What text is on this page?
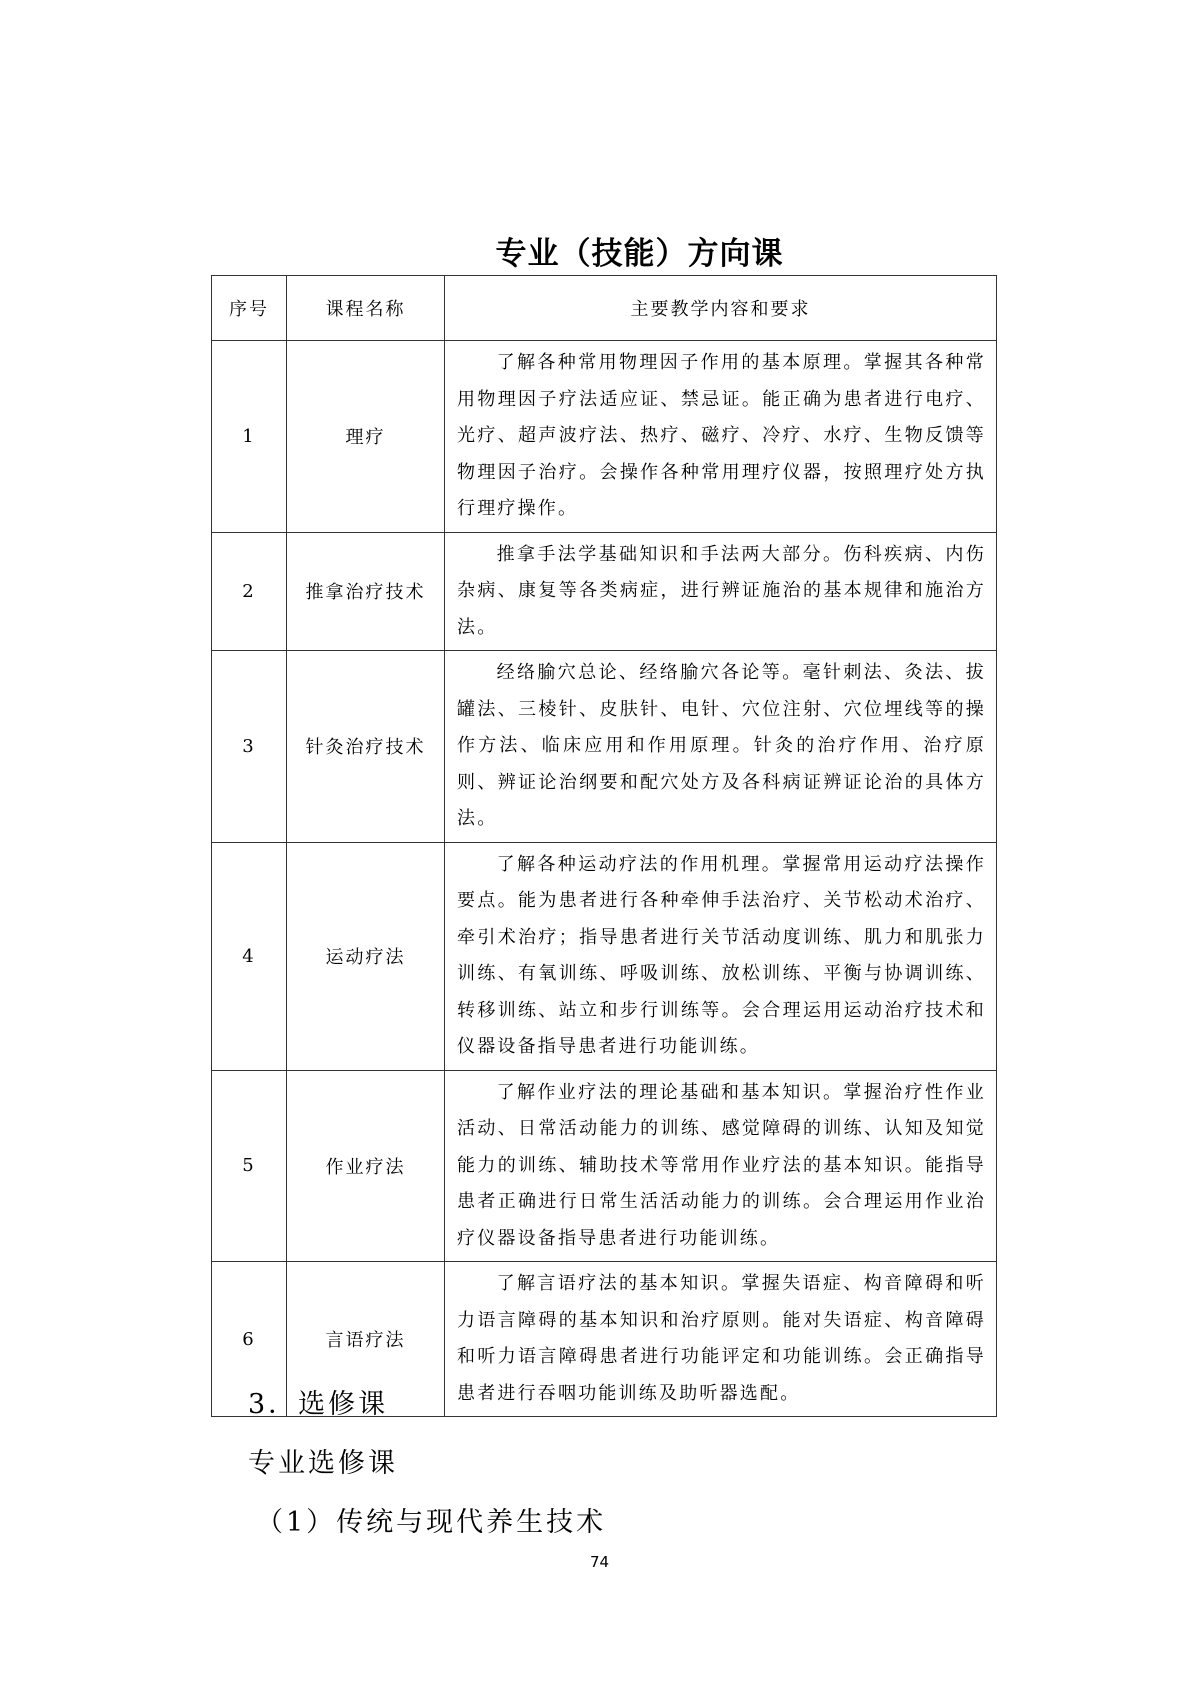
专业（技能）方向课
序号	课程名称	主要教学内容和要求
1	理疗	了解各种常用物理因子作用的基本原理。掌握其各种常用物理因子疗法适应证、禁忌证。能正确为患者进行电疗、光疗、超声波疗法、热疗、磁疗、冷疗、水疗、生物反馈等物理因子治疗。会操作各种常用理疗仪器，按照理疗处方执行理疗操作。
2	推拿治疗技术	推拿手法学基础知识和手法两大部分。伤科疾病、内伤杂病、康复等各类病症，进行辨证施治的基本规律和施治方法。
3	针灸治疗技术	经络腧穴总论、经络腧穴各论等。毫针刺法、灸法、拔罐法、三棱针、皮肤针、电针、穴位注射、穴位埋线等的操作方法、临床应用和作用原理。针灸的治疗作用、治疗原则、辨证论治纲要和配穴处方及各科病证辨证论治的具体方法。
4	运动疗法	了解各种运动疗法的作用机理。掌握常用运动疗法操作要点。能为患者进行各种牵伸手法治疗、关节松动术治疗、牵引术治疗；指导患者进行关节活动度训练、肌力和肌张力训练、有氧训练、呼吸训练、放松训练、平衡与协调训练、转移训练、站立和步行训练等。会合理运用运动治疗技术和仪器设备指导患者进行功能训练。
5	作业疗法	了解作业疗法的理论基础和基本知识。掌握治疗性作业活动、日常活动能力的训练、感觉障碍的训练、认知及知觉能力的训练、辅助技术等常用作业疗法的基本知识。能指导患者正确进行日常生活活动能力的训练。会合理运用作业治疗仪器设备指导患者进行功能训练。
6	言语疗法	了解言语疗法的基本知识。掌握失语症、构音障碍和听力语言障碍的基本知识和治疗原则。能对失语症、构音障碍和听力语言障碍患者进行功能评定和功能训练。会正确指导患者进行吞咽功能训练及助听器选配。
3．选修课
专业选修课
（1）传统与现代养生技术
74
